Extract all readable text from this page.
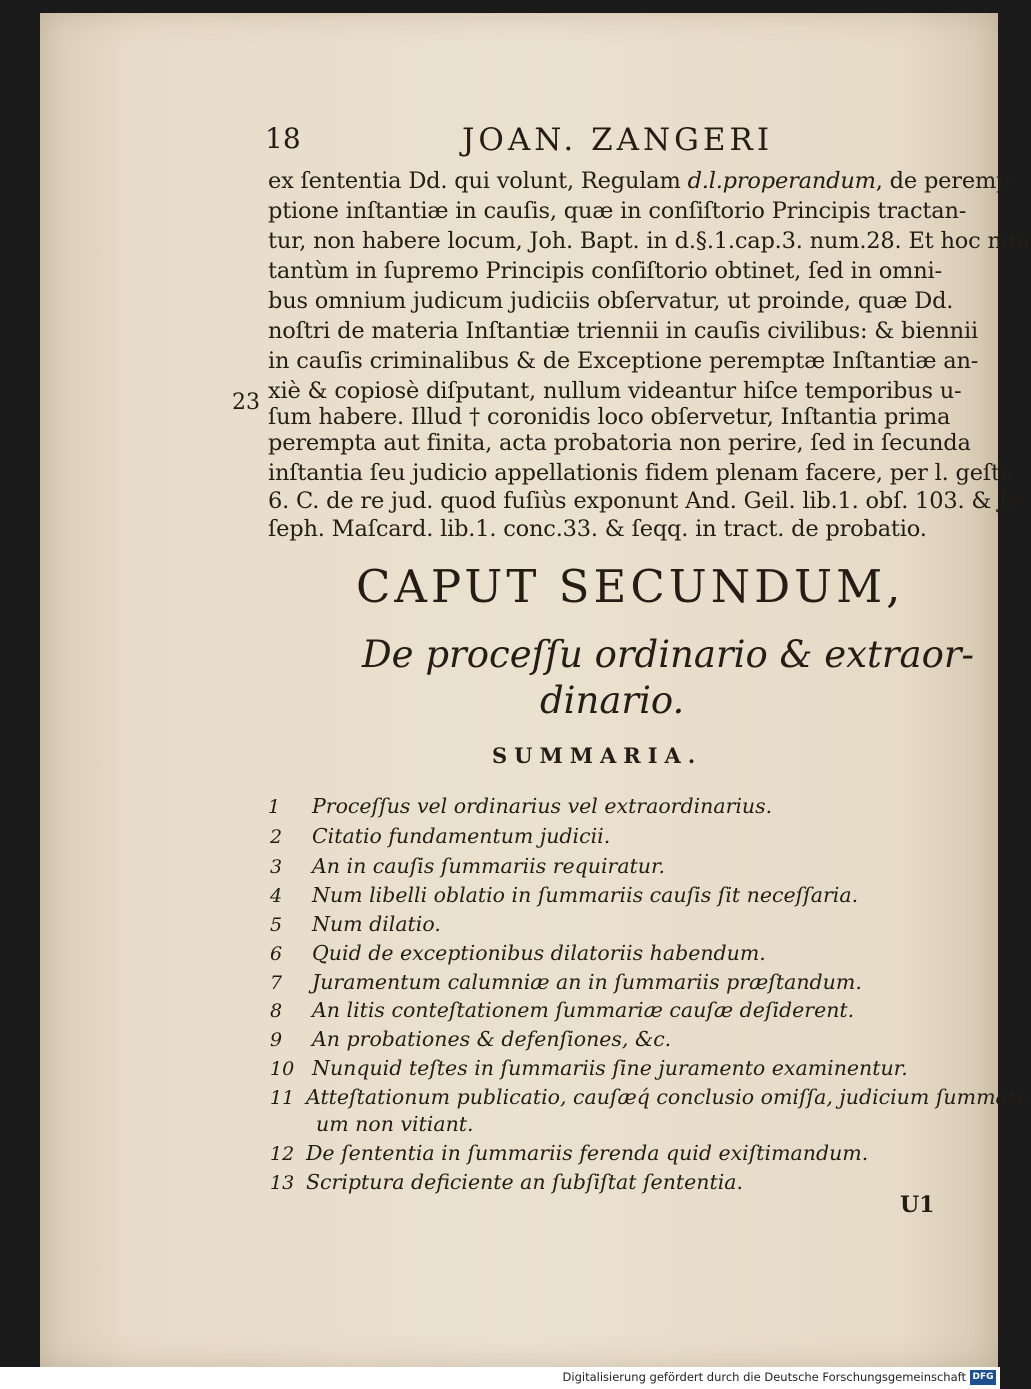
18	JOAN. ZANGERI
ex ſententia Dd. qui volunt, Regulam d.l.properandum, de peremp-
ptione inſtantiæ in cauſis, quæ in conſiſtorio Principis tractan-
tur, non habere locum, Joh. Bapt. in d.§.1.cap.3. num.28. Et hoc non
tantùm in ſupremo Principis conſiſtorio obtinet, ſed in omni-
bus omnium judicum judiciis obſervatur, ut proinde, quæ Dd.
noſtri de materia Inſtantiæ triennii in cauſis civilibus: & biennii
in cauſis criminalibus & de Exceptione peremptæ Inſtantiæ an-
xiè & copiosè diſputant, nullum videantur hiſce temporibus u-
ſum habere. Illud † coronidis loco obſervetur, Inſtantia prima
perempta aut finita, acta probatoria non perire, ſed in ſecunda
inſtantia ſeu judicio appellationis fidem plenam facere, per l. geſta
6. C. de re jud. quod fuſiùs exponunt And. Geil. lib.1. obſ. 103. & Jo-
ſeph. Maſcard. lib.1. conc.33. & ſeqq. in tract. de probatio.
23
CAPUT SECUNDUM,
De proceſſu ordinario & extraor-
dinario.
SUMMARIA.
1 Proceſſus vel ordinarius vel extraordinarius.
2 Citatio fundamentum judicii.
3 An in cauſis ſummariis requiratur.
4 Num libelli oblatio in ſummariis cauſis ſit neceſſaria.
5 Num dilatio.
6 Quid de exceptionibus dilatoriis habendum.
7 Juramentum calumniæ an in ſummariis præſtandum.
8 An litis conteſtationem ſummariæ cauſæ deſiderent.
9 An probationes & defenſiones, &c.
10 Nunquid teſtes in ſummariis ſine juramento examinentur.
11 Atteſtationum publicatio, cauſæq́ conclusio omiſſa, judicium ſummari-
um non vitiant.
12 De ſententia in ſummariis ferenda quid exiſtimandum.
13 Scriptura deficiente an ſubſiſtat ſententia.
U1
Digitalisierung gefördert durch die Deutsche Forschungsgemeinschaft DFG
